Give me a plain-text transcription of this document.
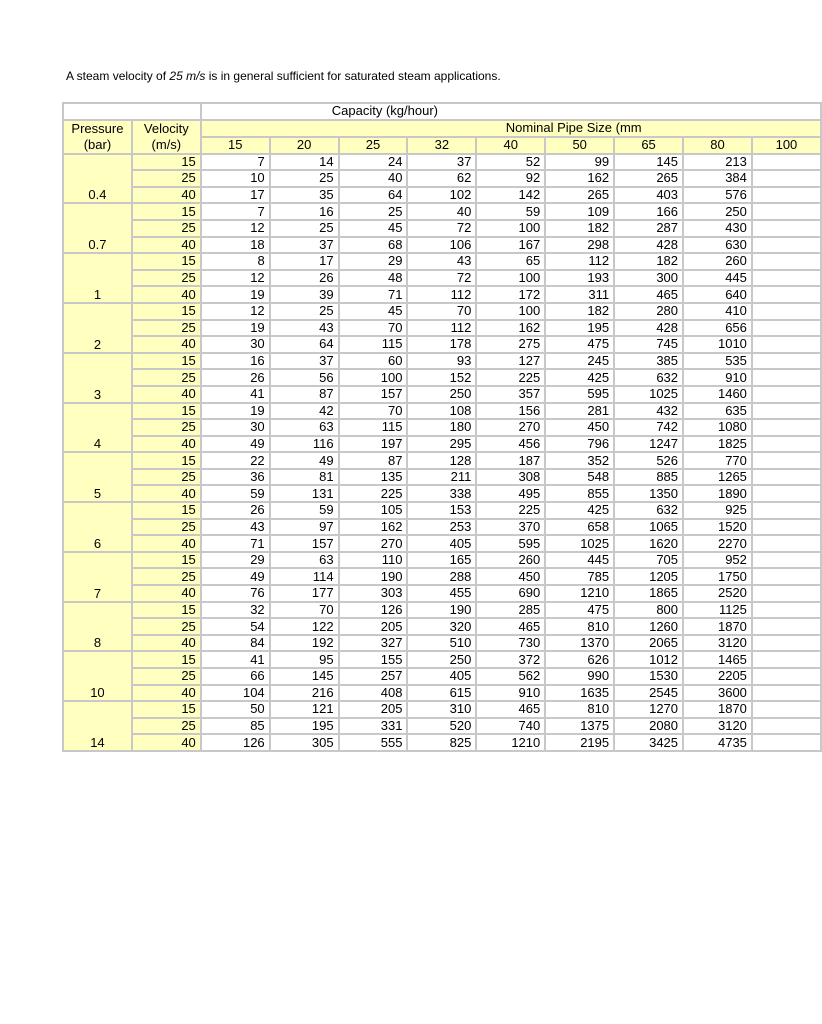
A steam velocity of 25 m/s is in general sufficient for saturated steam applications.
		Capacity (kg/hour)								
Pressure
(bar)	Velocity
(m/s)	Nominal Pipe Size (mm								
		15	20	25	32	40	50	65	80	100
0.4	15	7	14	24	37	52	99	145	213	
	25	10	25	40	62	92	162	265	384	
	40	17	35	64	102	142	265	403	576	
0.7	15	7	16	25	40	59	109	166	250	
	25	12	25	45	72	100	182	287	430	
	40	18	37	68	106	167	298	428	630	
1	15	8	17	29	43	65	112	182	260	
	25	12	26	48	72	100	193	300	445	
	40	19	39	71	112	172	311	465	640	
2	15	12	25	45	70	100	182	280	410	
	25	19	43	70	112	162	195	428	656	
	40	30	64	115	178	275	475	745	1010	
3	15	16	37	60	93	127	245	385	535	
	25	26	56	100	152	225	425	632	910	
	40	41	87	157	250	357	595	1025	1460	
4	15	19	42	70	108	156	281	432	635	
	25	30	63	115	180	270	450	742	1080	
	40	49	116	197	295	456	796	1247	1825	
5	15	22	49	87	128	187	352	526	770	
	25	36	81	135	211	308	548	885	1265	
	40	59	131	225	338	495	855	1350	1890	
6	15	26	59	105	153	225	425	632	925	
	25	43	97	162	253	370	658	1065	1520	
	40	71	157	270	405	595	1025	1620	2270	
7	15	29	63	110	165	260	445	705	952	
	25	49	114	190	288	450	785	1205	1750	
	40	76	177	303	455	690	1210	1865	2520	
8	15	32	70	126	190	285	475	800	1125	
	25	54	122	205	320	465	810	1260	1870	
	40	84	192	327	510	730	1370	2065	3120	
10	15	41	95	155	250	372	626	1012	1465	
	25	66	145	257	405	562	990	1530	2205	
	40	104	216	408	615	910	1635	2545	3600	
14	15	50	121	205	310	465	810	1270	1870	
	25	85	195	331	520	740	1375	2080	3120	
	40	126	305	555	825	1210	2195	3425	4735	
